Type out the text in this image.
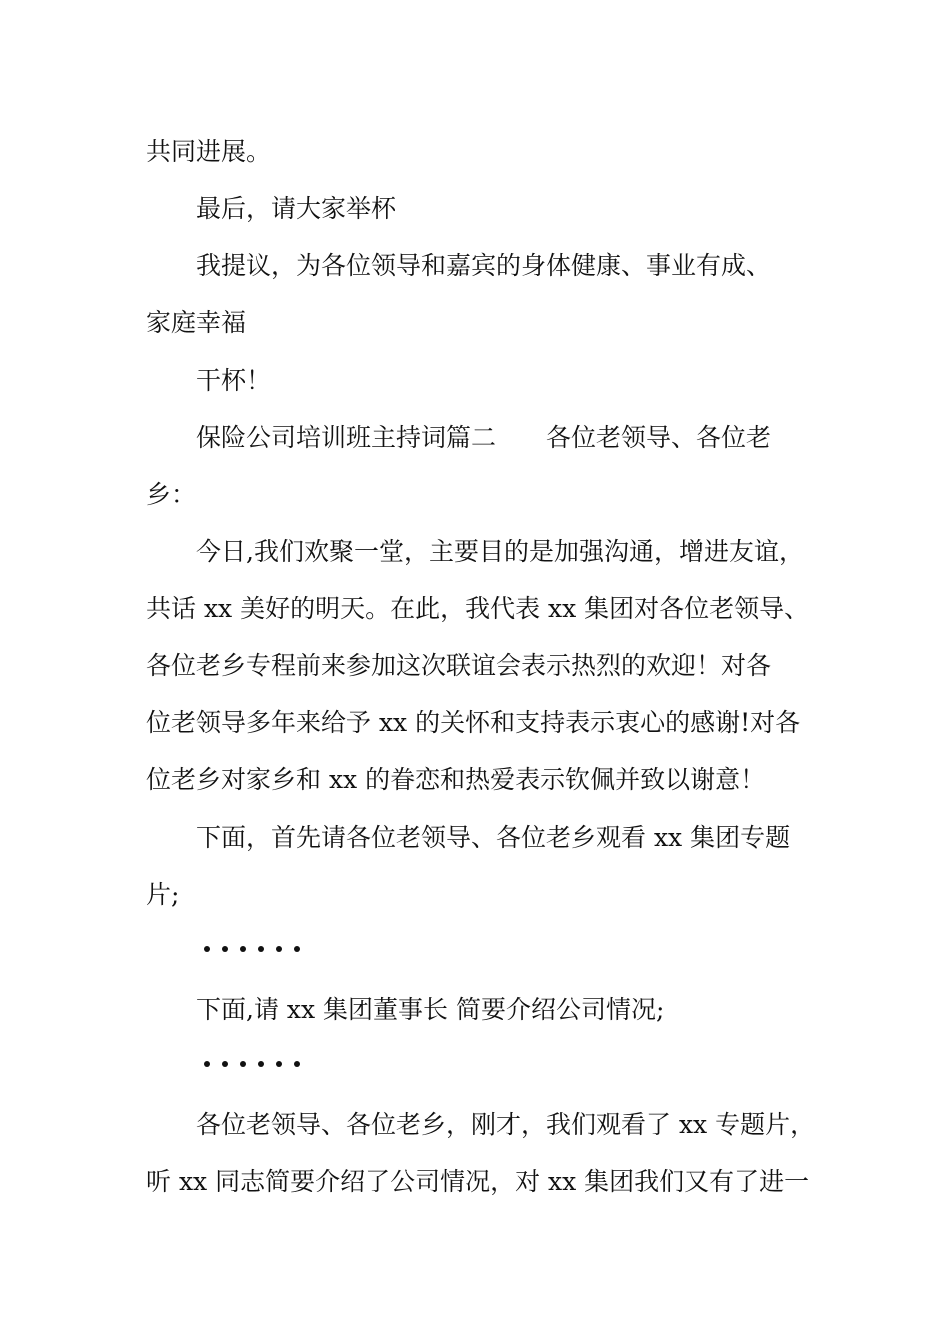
共同进展。

最后，请大家举杯

我提议，为各位领导和嘉宾的身体健康、事业有成、

家庭幸福

干杯！

保险公司培训班主持词篇二　　各位老领导、各位老

乡：

今日,我们欢聚一堂，主要目的是加强沟通，增进友谊，

共话 xx 美好的明天。在此，我代表 xx 集团对各位老领导、

各位老乡专程前来参加这次联谊会表示热烈的欢迎！对各

位老领导多年来给予 xx 的关怀和支持表示衷心的感谢!对各

位老乡对家乡和 xx 的眷恋和热爱表示钦佩并致以谢意！

下面，首先请各位老领导、各位老乡观看 xx 集团专题

片;

下面,请 xx 集团董事长 简要介绍公司情况;

各位老领导、各位老乡，刚才，我们观看了 xx 专题片，

听 xx 同志简要介绍了公司情况，对 xx 集团我们又有了进一
